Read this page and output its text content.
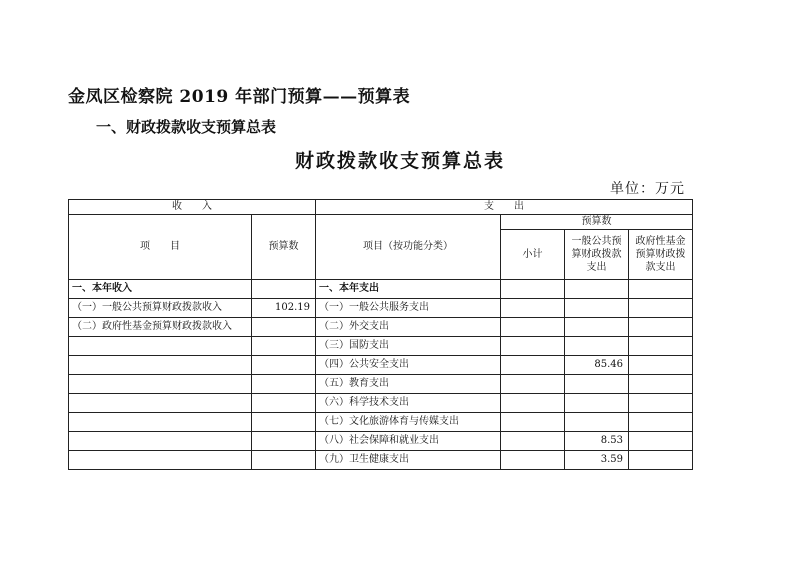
金凤区检察院 2019 年部门预算——预算表
一、财政拨款收支预算总表
财政拨款收支预算总表
单位：万元
收　　入		支　　出			
项　　目	预算数	项目（按功能分类）	预算数		
			小计	一般公共预算财政拨款支出	政府性基金预算财政拨款支出
一、本年收入		一、本年支出			
（一）一般公共预算财政拨款收入	102.19	（一）一般公共服务支出			
（二）政府性基金预算财政拨款收入		（二）外交支出			
		（三）国防支出			
		（四）公共安全支出		85.46	
		（五）教育支出			
		（六）科学技术支出			
		（七）文化旅游体育与传媒支出			
		（八）社会保障和就业支出		8.53	
		（九）卫生健康支出		3.59	
